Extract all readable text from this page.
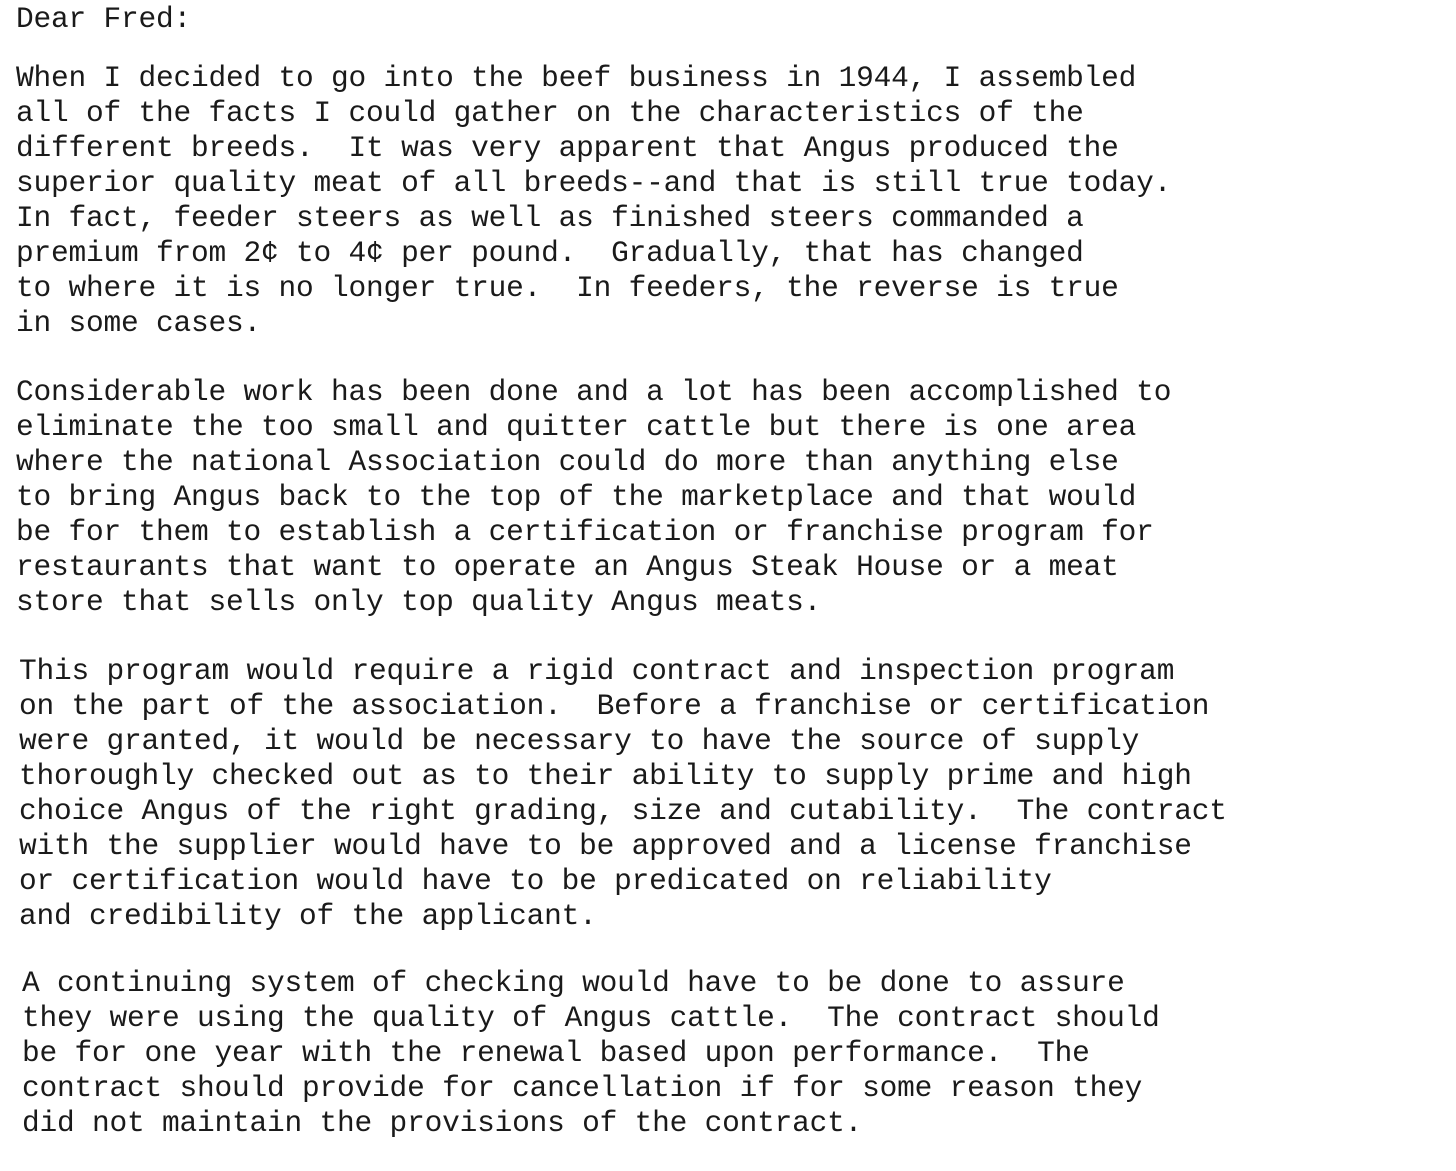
Dear Fred:

When I decided to go into the beef business in 1944, I assembled
all of the facts I could gather on the characteristics of the
different breeds.  It was very apparent that Angus produced the
superior quality meat of all breeds--and that is still true today.
In fact, feeder steers as well as finished steers commanded a
premium from 2¢ to 4¢ per pound.  Gradually, that has changed
to where it is no longer true.  In feeders, the reverse is true
in some cases.
Considerable work has been done and a lot has been accomplished to
eliminate the too small and quitter cattle but there is one area
where the national Association could do more than anything else
to bring Angus back to the top of the marketplace and that would
be for them to establish a certification or franchise program for
restaurants that want to operate an Angus Steak House or a meat
store that sells only top quality Angus meats.
This program would require a rigid contract and inspection program
on the part of the association.  Before a franchise or certification
were granted, it would be necessary to have the source of supply
thoroughly checked out as to their ability to supply prime and high
choice Angus of the right grading, size and cutability.  The contract
with the supplier would have to be approved and a license franchise
or certification would have to be predicated on reliability
and credibility of the applicant.
A continuing system of checking would have to be done to assure
they were using the quality of Angus cattle.  The contract should
be for one year with the renewal based upon performance.  The
contract should provide for cancellation if for some reason they
did not maintain the provisions of the contract.
